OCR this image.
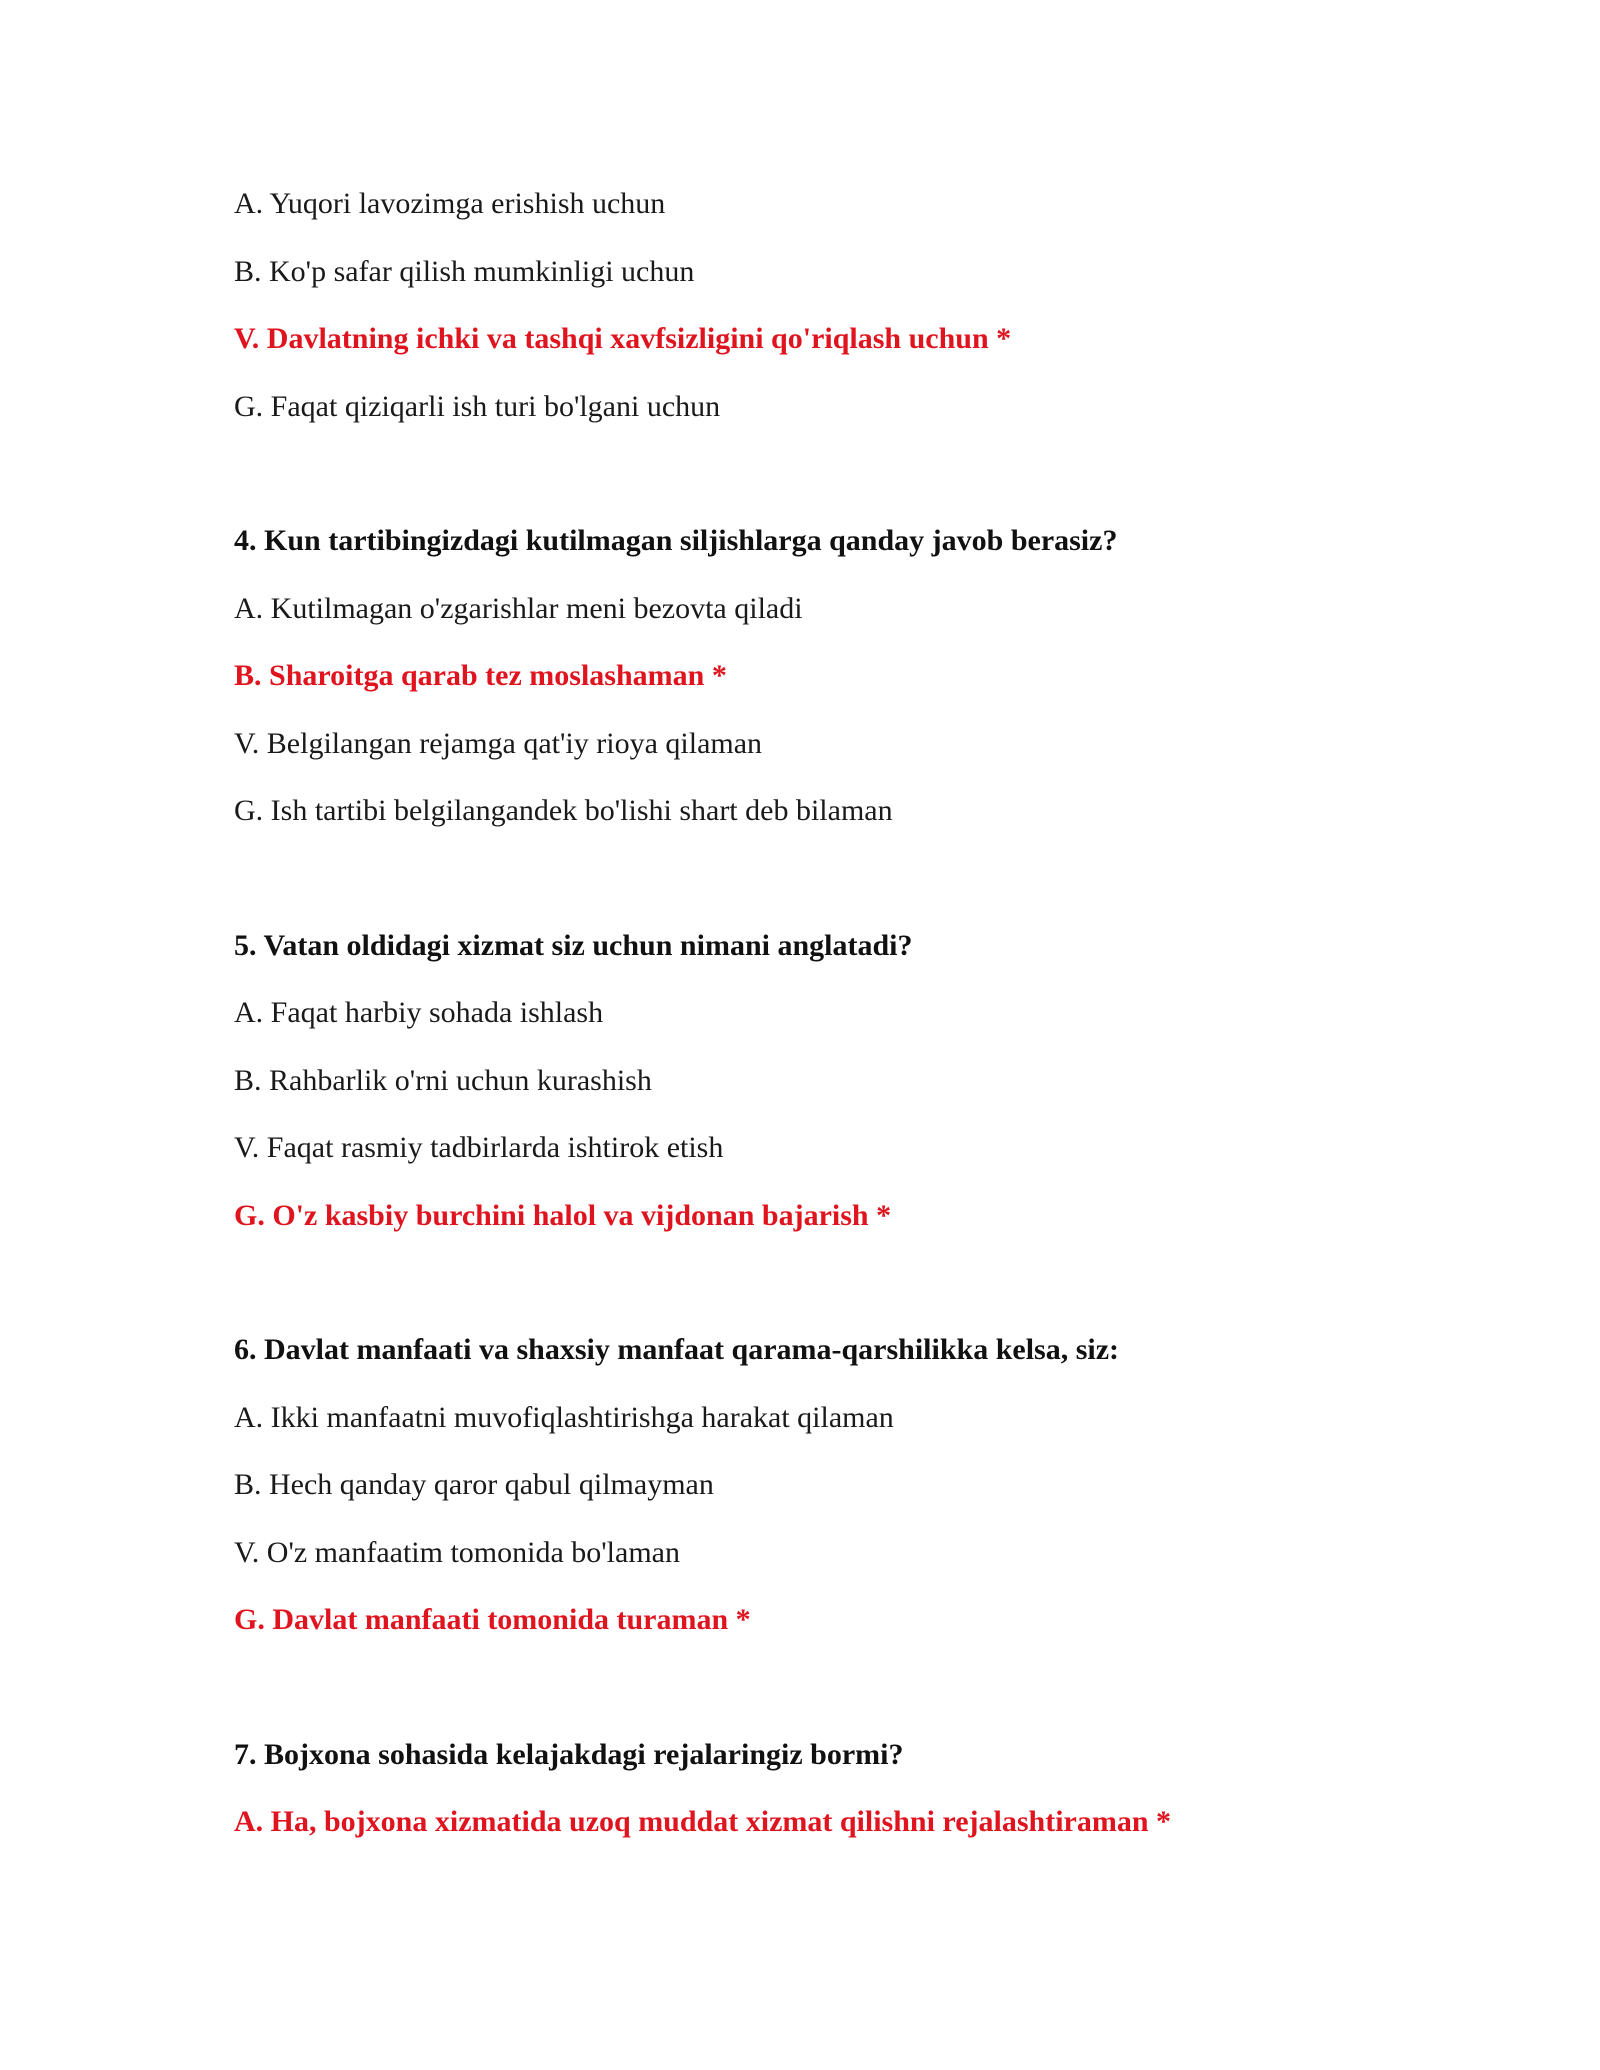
A. Yuqori lavozimga erishish uchun
B. Ko'p safar qilish mumkinligi uchun
V. Davlatning ichki va tashqi xavfsizligini qo'riqlash uchun *
G. Faqat qiziqarli ish turi bo'lgani uchun
4. Kun tartibingizdagi kutilmagan siljishlarga qanday javob berasiz?
A. Kutilmagan o'zgarishlar meni bezovta qiladi
B. Sharoitga qarab tez moslashaman *
V. Belgilangan rejamga qat'iy rioya qilaman
G. Ish tartibi belgilangandek bo'lishi shart deb bilaman
5. Vatan oldidagi xizmat siz uchun nimani anglatadi?
A. Faqat harbiy sohada ishlash
B. Rahbarlik o'rni uchun kurashish
V. Faqat rasmiy tadbirlarda ishtirok etish
G. O'z kasbiy burchini halol va vijdonan bajarish *
6. Davlat manfaati va shaxsiy manfaat qarama-qarshilikka kelsa, siz:
A. Ikki manfaatni muvofiqlashtirishga harakat qilaman
B. Hech qanday qaror qabul qilmayman
V. O'z manfaatim tomonida bo'laman
G. Davlat manfaati tomonida turaman *
7. Bojxona sohasida kelajakdagi rejalaringiz bormi?
A. Ha, bojxona xizmatida uzoq muddat xizmat qilishni rejalashtiraman *
